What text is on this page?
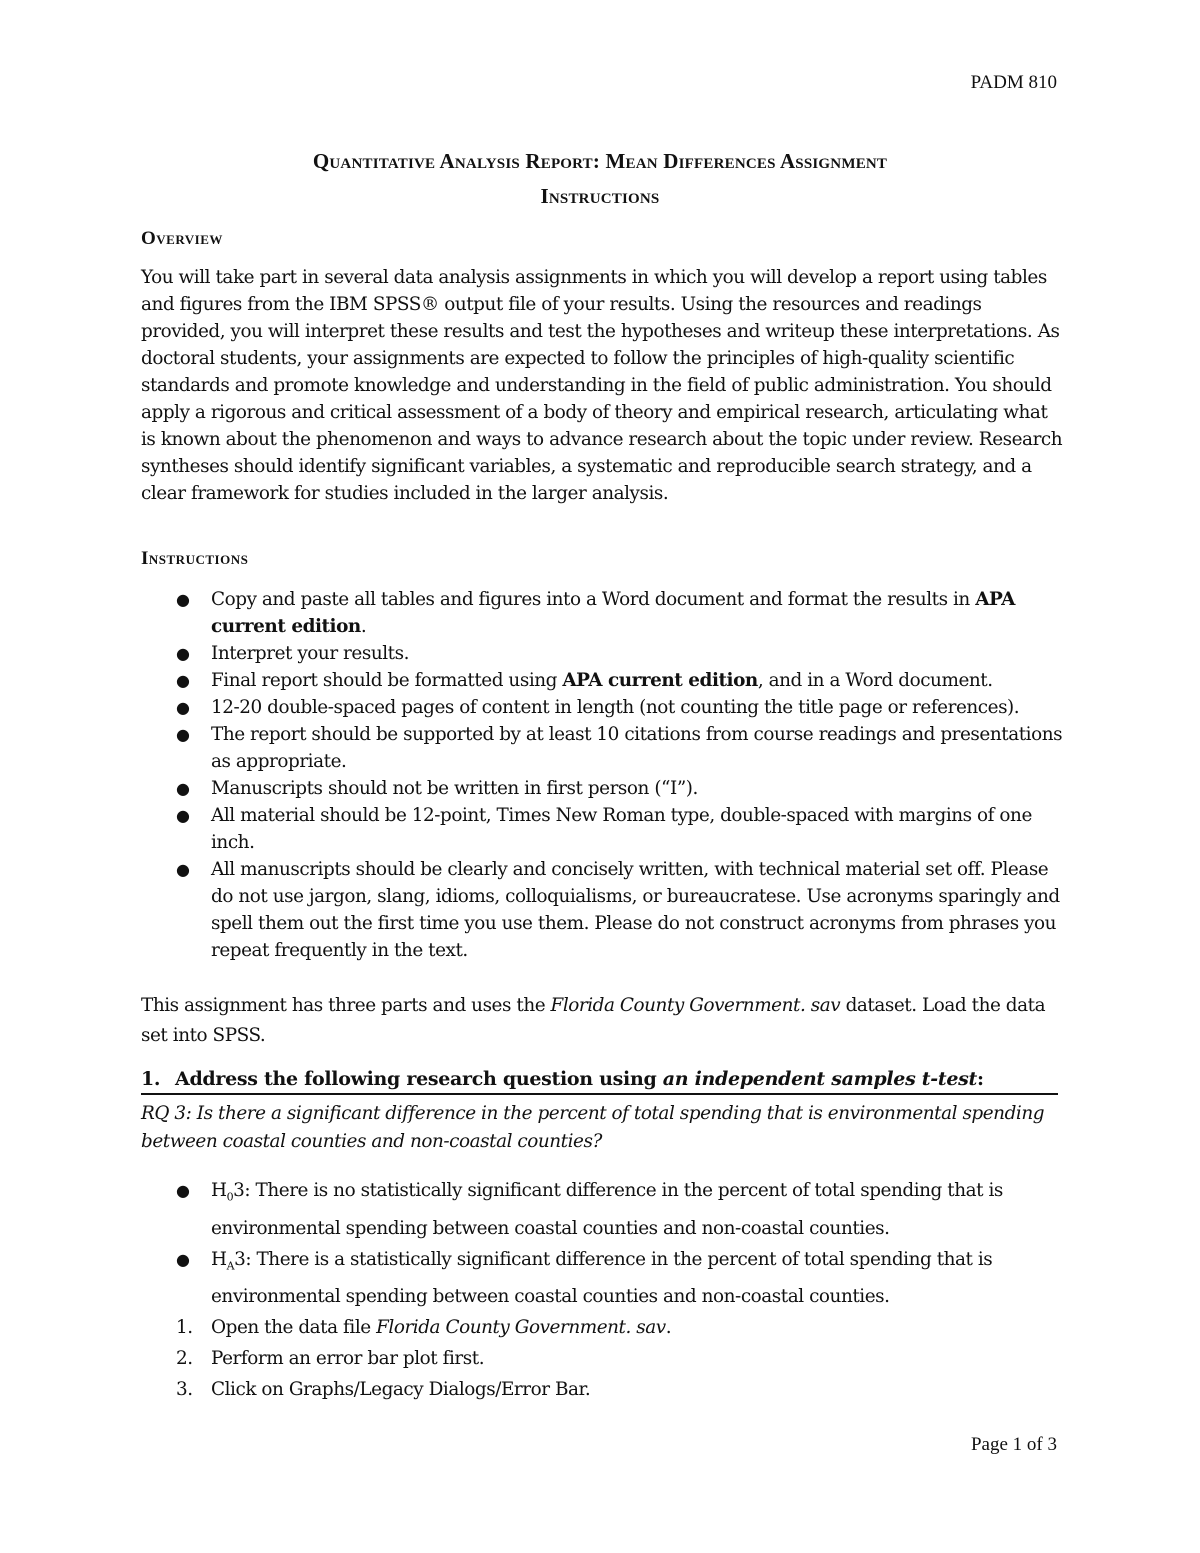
PADM 810
Quantitative Analysis Report: Mean Differences Assignment
Instructions
Overview
You will take part in several data analysis assignments in which you will develop a report using tables and figures from the IBM SPSS® output file of your results. Using the resources and readings provided, you will interpret these results and test the hypotheses and writeup these interpretations. As doctoral students, your assignments are expected to follow the principles of high-quality scientific standards and promote knowledge and understanding in the field of public administration. You should apply a rigorous and critical assessment of a body of theory and empirical research, articulating what is known about the phenomenon and ways to advance research about the topic under review. Research syntheses should identify significant variables, a systematic and reproducible search strategy, and a clear framework for studies included in the larger analysis.
Instructions
● Copy and paste all tables and figures into a Word document and format the results in APA current edition.
● Interpret your results.
● Final report should be formatted using APA current edition, and in a Word document.
● 12-20 double-spaced pages of content in length (not counting the title page or references).
● The report should be supported by at least 10 citations from course readings and presentations as appropriate.
● Manuscripts should not be written in first person (“I”).
● All material should be 12-point, Times New Roman type, double-spaced with margins of one inch.
● All manuscripts should be clearly and concisely written, with technical material set off. Please do not use jargon, slang, idioms, colloquialisms, or bureaucratese. Use acronyms sparingly and spell them out the first time you use them. Please do not construct acronyms from phrases you repeat frequently in the text.
This assignment has three parts and uses the Florida County Government. sav dataset. Load the data set into SPSS.
1. Address the following research question using an independent samples t-test:
RQ 3: Is there a significant difference in the percent of total spending that is environmental spending between coastal counties and non-coastal counties?
● $H_03$: There is no statistically significant difference in the percent of total spending that is environmental spending between coastal counties and non-coastal counties.
● $H_A3$: There is a statistically significant difference in the percent of total spending that is environmental spending between coastal counties and non-coastal counties.
1. Open the data file Florida County Government. sav.
2. Perform an error bar plot first.
3. Click on Graphs/Legacy Dialogs/Error Bar.
Page 1 of 3
